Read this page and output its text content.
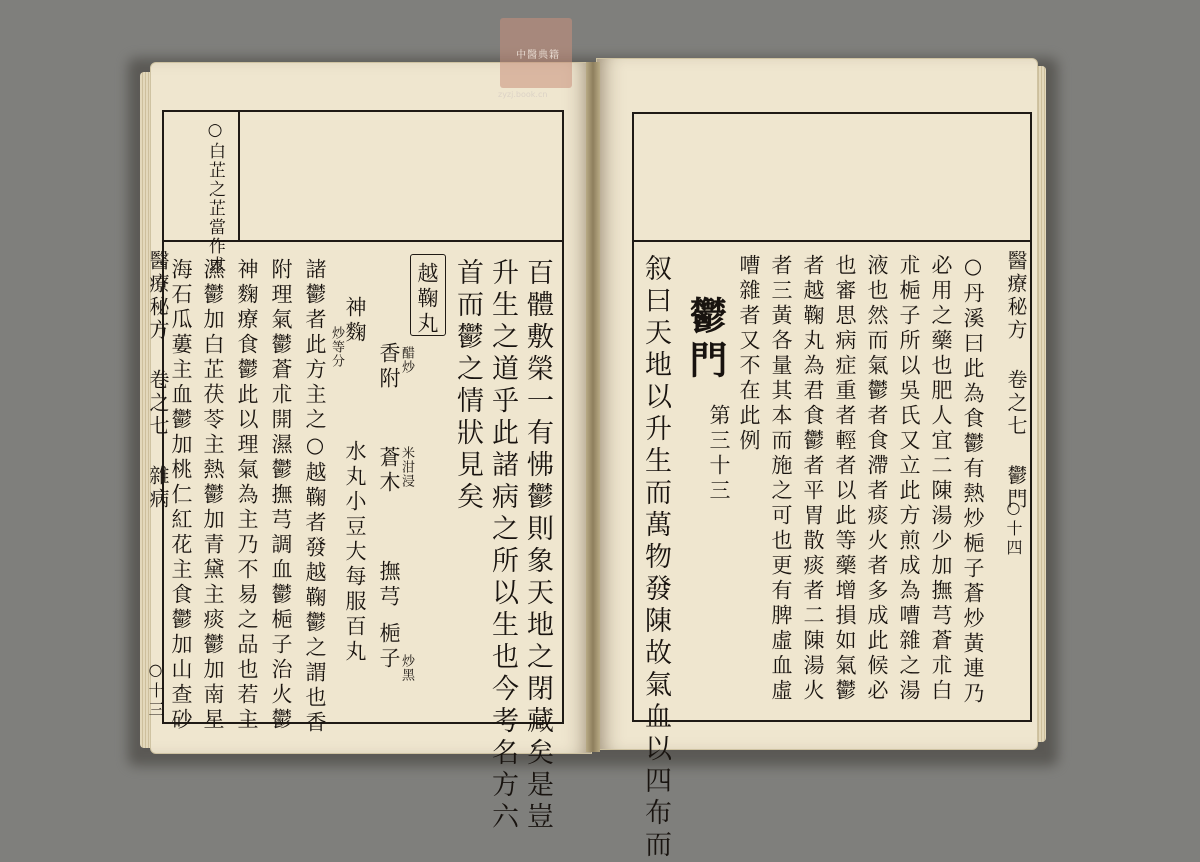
中醫典籍
zyzj.book.cn
○白芷之芷當作术
醫療秘方 卷之七 雜病
○十三	百體敷榮一有怫鬱則象天地之閉藏矣是豈
升生之道乎此諸病之所以生也今考名方六
首而鬱之情狀見矣
越鞠丸
香附
醋炒
蒼木
米泔浸
撫芎
梔子
炒黑
神麴
炒等分
水丸小豆大每服百丸
諸鬱者此方主之○越鞠者發越鞠鬱之謂也香
附理氣鬱蒼朮開濕鬱撫芎調血鬱梔子治火鬱
神麴療食鬱此以理氣為主乃不易之品也若主
濕鬱加白芷茯苓主熱鬱加青黛主痰鬱加南星
海石瓜蔞主血鬱加桃仁紅花主食鬱加山查砂	醫療秘方 卷之七 鬱門
○十四
○丹溪曰此為食鬱有熱炒梔子蒼炒黃連乃
必用之藥也肥人宜二陳湯少加撫芎蒼朮白
朮梔子所以吳氏又立此方煎成為嘈雜之湯
液也然而氣鬱者食滯者痰火者多成此候必
也審思病症重者輕者以此等藥增損如氣鬱
者越鞠丸為君食鬱者平胃散痰者二陳湯火
者三黃各量其本而施之可也更有脾虛血虛
嘈雜者又不在此例
鬱門
第三十三
叙曰天地以升生而萬物發陳故氣血以四布而
